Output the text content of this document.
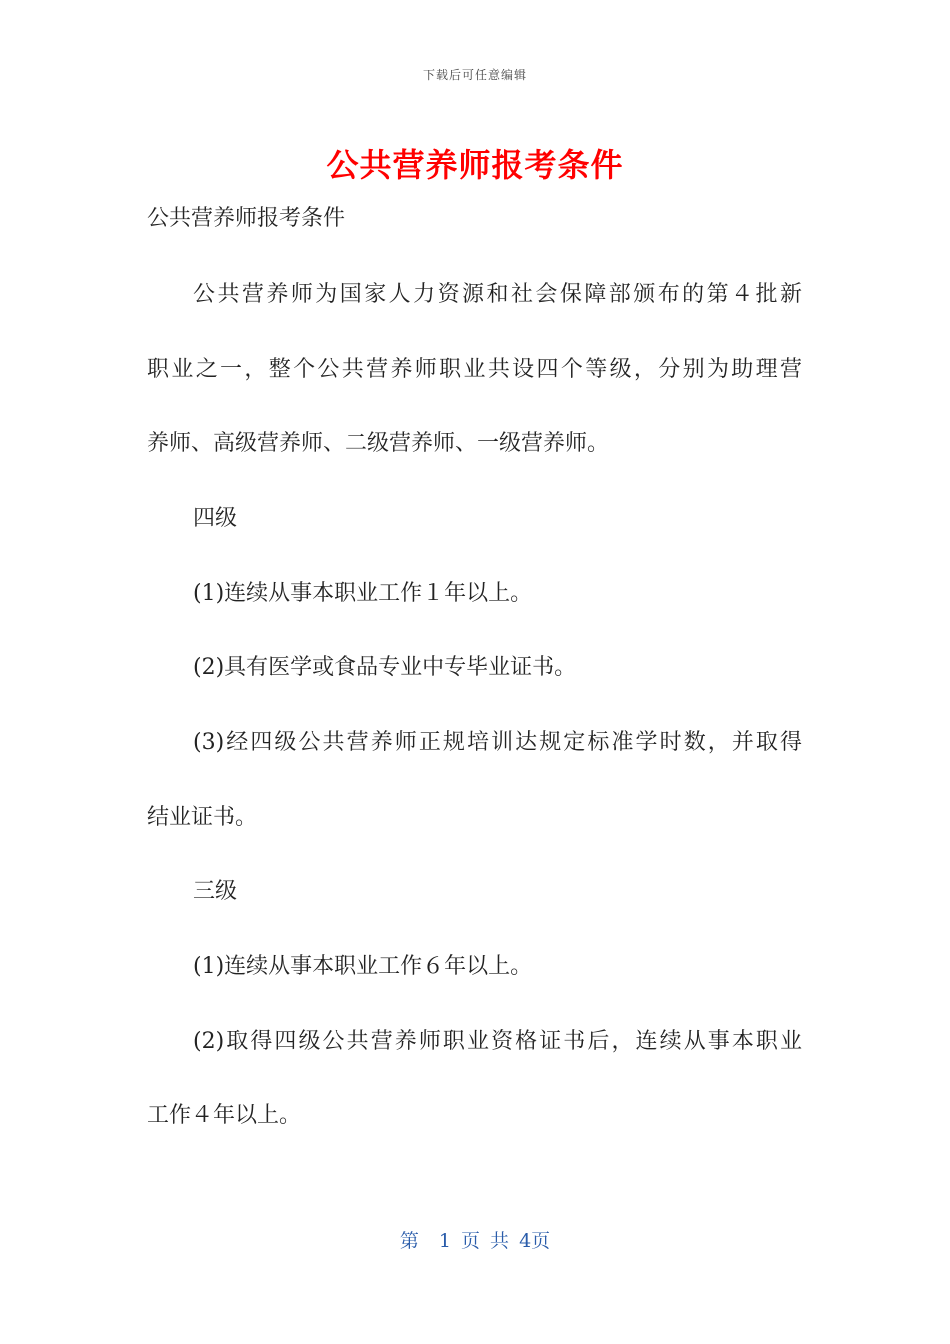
下载后可任意编辑
公共营养师报考条件
公共营养师报考条件
公共营养师为国家人力资源和社会保障部颁布的第４批新
职业之一，整个公共营养师职业共设四个等级，分别为助理营
养师、高级营养师、二级营养师、一级营养师。
四级
(1)连续从事本职业工作１年以上。
(2)具有医学或食品专业中专毕业证书。
(3)经四级公共营养师正规培训达规定标准学时数，并取得
结业证书。
三级
(1)连续从事本职业工作６年以上。
(2)取得四级公共营养师职业资格证书后，连续从事本职业
工作４年以上。
第  1 页 共 4页
